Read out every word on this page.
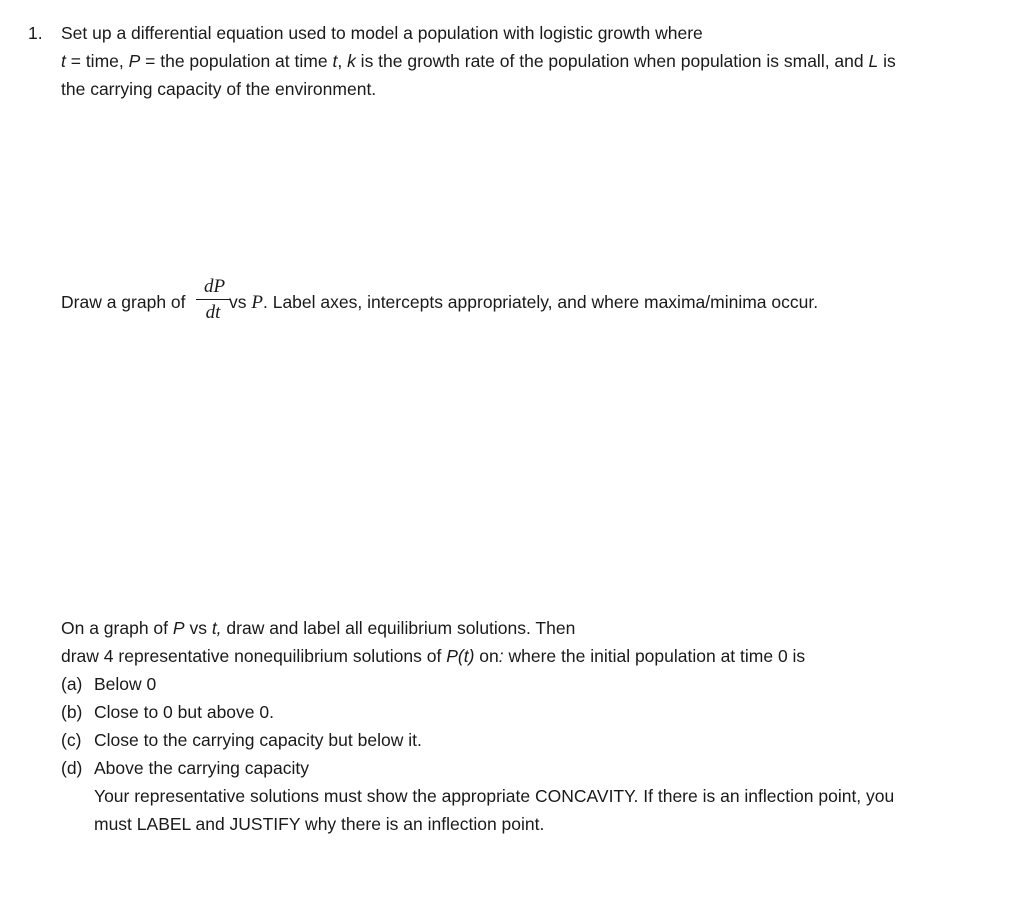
1. Set up a differential equation used to model a population with logistic growth where
t = time, P = the population at time t, k is the growth rate of the population when population is small, and L is
the carrying capacity of the environment.
Draw a graph of
dP
dt vs P. Label axes, intercepts appropriately, and where maxima/minima occur.
On a graph of P vs t, draw and label all equilibrium solutions. Then
draw 4 representative nonequilibrium solutions of P(t) on: where the initial population at time 0 is
(a) Below 0
(b) Close to 0 but above 0.
(c) Close to the carrying capacity but below it.
(d) Above the carrying capacity
Your representative solutions must show the appropriate CONCAVITY. If there is an inflection point, you
must LABEL and JUSTIFY why there is an inflection point.
